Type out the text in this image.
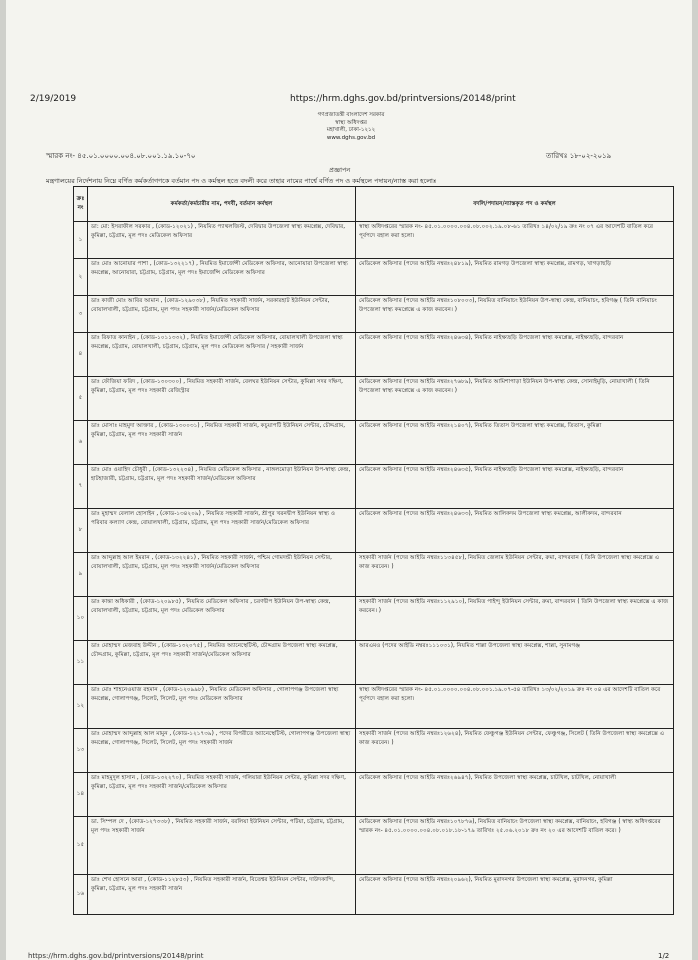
2/19/2019	https://hrm.dghs.gov.bd/printversions/20148/print
গণপ্রজাতন্ত্রী বাংলাদেশ সরকার
স্বাস্থ্য অধিদপ্তর
মহাখালী, ঢাকা-১২১২
www.dghs.gov.bd
স্মারক নং- ৪৫.০১.০০০০.০০৪.০৮.০০১.১৯.১০-৭০	তারিখঃ ১৮-০২-২০১৯
প্রজ্ঞাপন
মন্ত্রণালয়ের নির্দেশনায় নিম্নে বর্ণিত কর্মকর্তাগণকে বর্তমান পদ ও কর্মস্থল হতে বদলী করে তাহার নামের পার্শ্বে বর্ণিত পদ ও কর্মস্থলে পদায়ন/ন্যাস্ত করা হলোঃ
ক্রঃ নং	কর্মকর্তা/কর্মচারীর নাম, পদবী, বর্তমান কর্মস্থল	বদলি/পদায়ন/ন্যাস্তকৃত পদ ও কর্মস্থল
১	ডা: মো: ইসরাফীল সরকার , (কোড-১২০২১) , নিয়মিত প্যাথলজিস্ট, দেবিদ্বার উপজেলা স্বাস্থ্য কমপ্লেক্স, দেবিদ্বার, কুমিল্লা, চট্টগ্রাম, মূল পদঃ মেডিকেল অফিসার	স্বাস্থ্য অধিদপ্তরের স্মারক নং- ৪৫.০১.০০০০.০০৪.০৮.০০২.১৯.০৮-৬১ তারিখঃ ১৪/০২/১৯ ক্রঃ নং ০৭ এর আদেশটি বাতিল করে পূর্বপদে বহাল করা হলো।
২	ডাঃ মোঃ আনোয়ার পাশা , (কোড-১৩২২১৭) , নিয়মিত ইমার্জেন্সী মেডিকেল অফিসার, আনোয়ারা উপজেলা স্বাস্থ্য কমপ্লেক্স, আনোয়ারা, চট্টগ্রাম, চট্টগ্রাম, মূল পদঃ ইমার্জেন্সি মেডিকেল অফিসার	মেডিকেল অফিসার (পদের আইডি নম্বরঃ২৪৮১৯), নিয়মিত রামগড় উপজেলা স্বাস্থ্য কমপ্লেক্স, রামগড়, খাগড়াছড়ি
৩	ডাঃ কাজী মোঃ আবির আমান , (কোড-১২৯০৩৮) , নিয়মিত সহকারী সার্জন, সরকারহাট ইউনিয়ন সেন্টার, বোয়ালখালী, চট্টগ্রাম, চট্টগ্রাম, মূল পদঃ সহকারী সার্জন/মেডিকেল অফিসার	মেডিকেল অফিসার (পদের আইডি নম্বরঃ১০৮০০৩), নিয়মিত বানিয়াচং ইউনিয়ন উপ-স্বাস্থ্য কেন্দ্র, বানিয়াচং, হবিগঞ্জ ( তিনি বানিয়াচং উপজেলা স্বাস্থ্য কমপ্লেক্সে এ কাজ করবেন। )
৪	ডাঃ রিফাত কানাইন , (কোড-১০১১৩৩২) , নিয়মিত ইমার্জেন্সী মেডিকেল অফিসার, বোয়ালখালী উপজেলা স্বাস্থ্য কমপ্লেক্স, চট্টগ্রাম, বোয়ালখালী, চট্টগ্রাম, চট্টগ্রাম, মূল পদঃ মেডিকেল অফিসার / সহকারী সার্জন	মেডিকেল অফিসার (পদের আইডি নম্বরঃ২৪৬৩৪), নিয়মিত নাইক্ষ্যছড়ি উপজেলা স্বাস্থ্য কমপ্লেক্স, নাইক্ষ্যছড়ি, বান্দরবান
৫	ডাঃ ফৌজিয়া ফরিদ , (কোড-১৩০৩০০) , নিয়মিত সহকারী সার্জন, বেলঘর ইউনিয়ন সেন্টার, কুমিল্লা সদর দক্ষিণ, কুমিল্লা, চট্টগ্রাম, মূল পদঃ সহকারী রেজিস্ট্রার	মেডিকেল অফিসার (পদের আইডি নম্বরঃ২৭৬৮৯), নিয়মিত আমিশাপাড়া ইউনিয়ন উপ-স্বাস্থ্য কেন্দ্র, সোনাইমুড়ি, নোয়াখালী ( তিনি উপজেলা স্বাস্থ্য কমপ্লেক্সে এ কাজ করবেন। )
৬	ডাঃ মোসাঃ মাহমুদা আক্তার , (কোড-১৩০০৩১) , নিয়মিত সহকারী সার্জন, কচুয়াপটি ইউনিয়ন সেন্টার, চৌদ্দগ্রাম, কুমিল্লা, চট্টগ্রাম, মূল পদঃ সহকারী সার্জন	মেডিকেল অফিসার (পদের আইডি নম্বরঃ২১৪০৭), নিয়মিত তিতাস উপজেলা স্বাস্থ্য কমপ্লেক্স, তিতাস, কুমিল্লা
৭	ডাঃ মোঃ ওয়াহিদ চৌধুরী , (কোড-১৩২২৩৪) , নিয়মিত মেডিকেল অফিসার , নাঙ্গলমোড়া ইউনিয়ন উপ-স্বাস্থ্য কেন্দ্র, হাটহাজারী, চট্টগ্রাম, চট্টগ্রাম, মূল পদঃ সহকারী সার্জন/মেডিকেল অফিসার	মেডিকেল অফিসার (পদের আইডি নম্বরঃ২৪৬৩৫), নিয়মিত নাইক্ষ্যছড়ি উপজেলা স্বাস্থ্য কমপ্লেক্স, নাইক্ষ্যছড়ি, বান্দরবান
৮	ডাঃ মুহাম্মদ বেলাল হোসাইন , (কোড-১৩৪২০৯) , নিয়মিত সহকারী সার্জন, শ্রীপুর খরনদ্বীপ ইউনিয়ন স্বাস্থ্য ও পরিবার কল্যাণ কেন্দ্র, বোয়ালখালী, চট্টগ্রাম, চট্টগ্রাম, মূল পদঃ সহকারী সার্জন/মেডিকেল অফিসার	মেডিকেল অফিসার (পদের আইডি নম্বরঃ২৪৬৩৩), নিয়মিত আলিকদম উপজেলা স্বাস্থ্য কমপ্লেক্স, আলীকদম, বান্দরবান
৯	ডাঃ আব্দুল্লাহ আল ইমরান , (কোড-১৩২২৪১) , নিয়মিত সহকারী সার্জন, পশ্চিম গোমদন্ডী ইউনিয়ন সেন্টার, বোয়ালখালী, চট্টগ্রাম, চট্টগ্রাম, মূল পদঃ সহকারী সার্জন/মেডিকেল অফিসার	সহকারী সার্জন (পদের আইডি নম্বরঃ১১৩৪৫৮), নিয়মিত জেলাম ইউনিয়ন সেন্টার, রুমা, বান্দরবান ( তিনি উপজেলা স্বাস্থ্য কমপ্লেক্সে এ কাজ করবেন। )
১০	ডাঃ কান্তা অধিকারী , (কোড-১২০৯৮৫) , নিয়মিত মেডিকেল অফিসার , চরণদ্বীপ ইউনিয়ন উপ-স্বাস্থ্য কেন্দ্র, বোয়ালখালী, চট্টগ্রাম, চট্টগ্রাম, মূল পদঃ মেডিকেল অফিসার	সহকারী সার্জন (পদের আইডি নম্বরঃ১১২৯১০), নিয়মিত পাইন্দু ইউনিয়ন সেন্টার, রুমা, বান্দরবান ( তিনি উপজেলা স্বাস্থ্য কমপ্লেক্সে এ কাজ করবেন। )
১১	ডাঃ মোহাম্মদ মেজবাহ উদ্দীন , (কোড-১৩২০৭৫) , নিয়মিত অ্যানেস্থেটিস্ট, চৌদ্দগ্রাম উপজেলা স্বাস্থ্য কমপ্লেক্স, চৌদ্দগ্রাম, কুমিল্লা, চট্টগ্রাম, মূল পদঃ সহকারী সার্জন/মেডিকেল অফিসার	আরএমও (পদের আইডি নম্বরঃ১১১০৩১), নিয়মিত শাল্লা উপজেলা স্বাস্থ্য কমপ্লেক্স, শাল্লা, সুনামগঞ্জ
১২	ডাঃ মোঃ শাহনেওয়াজ রহমান , (কোড-১২০৯৯৮) , নিয়মিত মেডিকেল অফিসার , গোলাপগঞ্জ উপজেলা স্বাস্থ্য কমপ্লেক্স, গোলাপগঞ্জ, সিলেট, সিলেট, মূল পদঃ মেডিকেল অফিসার	স্বাস্থ্য অধিদপ্তরের স্মারক নং- ৪৫.০১.০০০০.০০৪.০৮.০০১.১৯.০৭-৫৪ তারিখঃ ১৩/০২/২০১৯ ক্রঃ নং ০৪ এর আদেশটি বাতিল করে পূর্বপদে বহাল করা হলো।
১৩	ডাঃ মোহাম্মদ আব্দুল্লাহ আল মামুন , (কোড-১২১৭৩৯) , পদের বিপরীতে অ্যানেস্থেটিস্ট, গোলাপগঞ্জ উপজেলা স্বাস্থ্য কমপ্লেক্স, গোলাপগঞ্জ, সিলেট, সিলেট, মূল পদঃ সহকারী সার্জন	সহকারী সার্জন (পদের আইডি নম্বরঃ১২৬২৪), নিয়মিত ফেঞ্চুগঞ্জ ইউনিয়ন সেন্টার, ফেঞ্চুগঞ্জ, সিলেট ( তিনি উপজেলা স্বাস্থ্য কমপ্লেক্সে এ কাজ করবেন। )
১৪	ডাঃ মাহমুদুল হাসান , (কোড-১৩২২৭০) , নিয়মিত সহকারী সার্জন, গলিয়ারা ইউনিয়ন সেন্টার, কুমিল্লা সদর দক্ষিণ, কুমিল্লা, চট্টগ্রাম, মূল পদঃ সহকারী সার্জন/মেডিকেল অফিসার	মেডিকেল অফিসার (পদের আইডি নম্বরঃ২৬৯৪৭), নিয়মিত উপজেলা স্বাস্থ্য কমপ্লেক্স, চাটখিল, চাটখিল, নোয়াখালী
১৫	ডা. সিম্পল দে , (কোড-১২৭৩৩৮) , নিয়মিত সহকারী সার্জন, বরলিয়া ইউনিয়ন সেন্টার, পটিয়া, চট্টগ্রাম, চট্টগ্রাম, মূল পদঃ সহকারী সার্জন	মেডিকেল অফিসার (পদের আইডি নম্বরঃ১০৭৮৭৬), নিয়মিত বানিয়াচং উপজেলা স্বাস্থ্য কমপ্লেক্স, বানিয়াচং, হবিগঞ্জ ( স্বাস্থ্য অধিদপ্তরের স্মারক নং- ৪৫.০১.০০০০.০০৪.০৮.০১৮.১৮-১৭৯ তারিখঃ ২৫.০৬.২০১৮ ক্রঃ নং ২০ এর আদেশটি বাতিল করে। )
১৬	ডাঃ শেখ হোসনে আরা , (কোড-১১২৮৫৩) , নিয়মিত সহকারী সার্জন, বিতেশ্বর ইউনিয়ন সেন্টার, দাউদকান্দি, কুমিল্লা, চট্টগ্রাম, মূল পদঃ সহকারী সার্জন	মেডিকেল অফিসার (পদের আইডি নম্বরঃ২০৯৬২), নিয়মিত মুরাদনগর উপজেলা স্বাস্থ্য কমপ্লেক্স, মুরাদনগর, কুমিল্লা
https://hrm.dghs.gov.bd/printversions/20148/print	1/2
